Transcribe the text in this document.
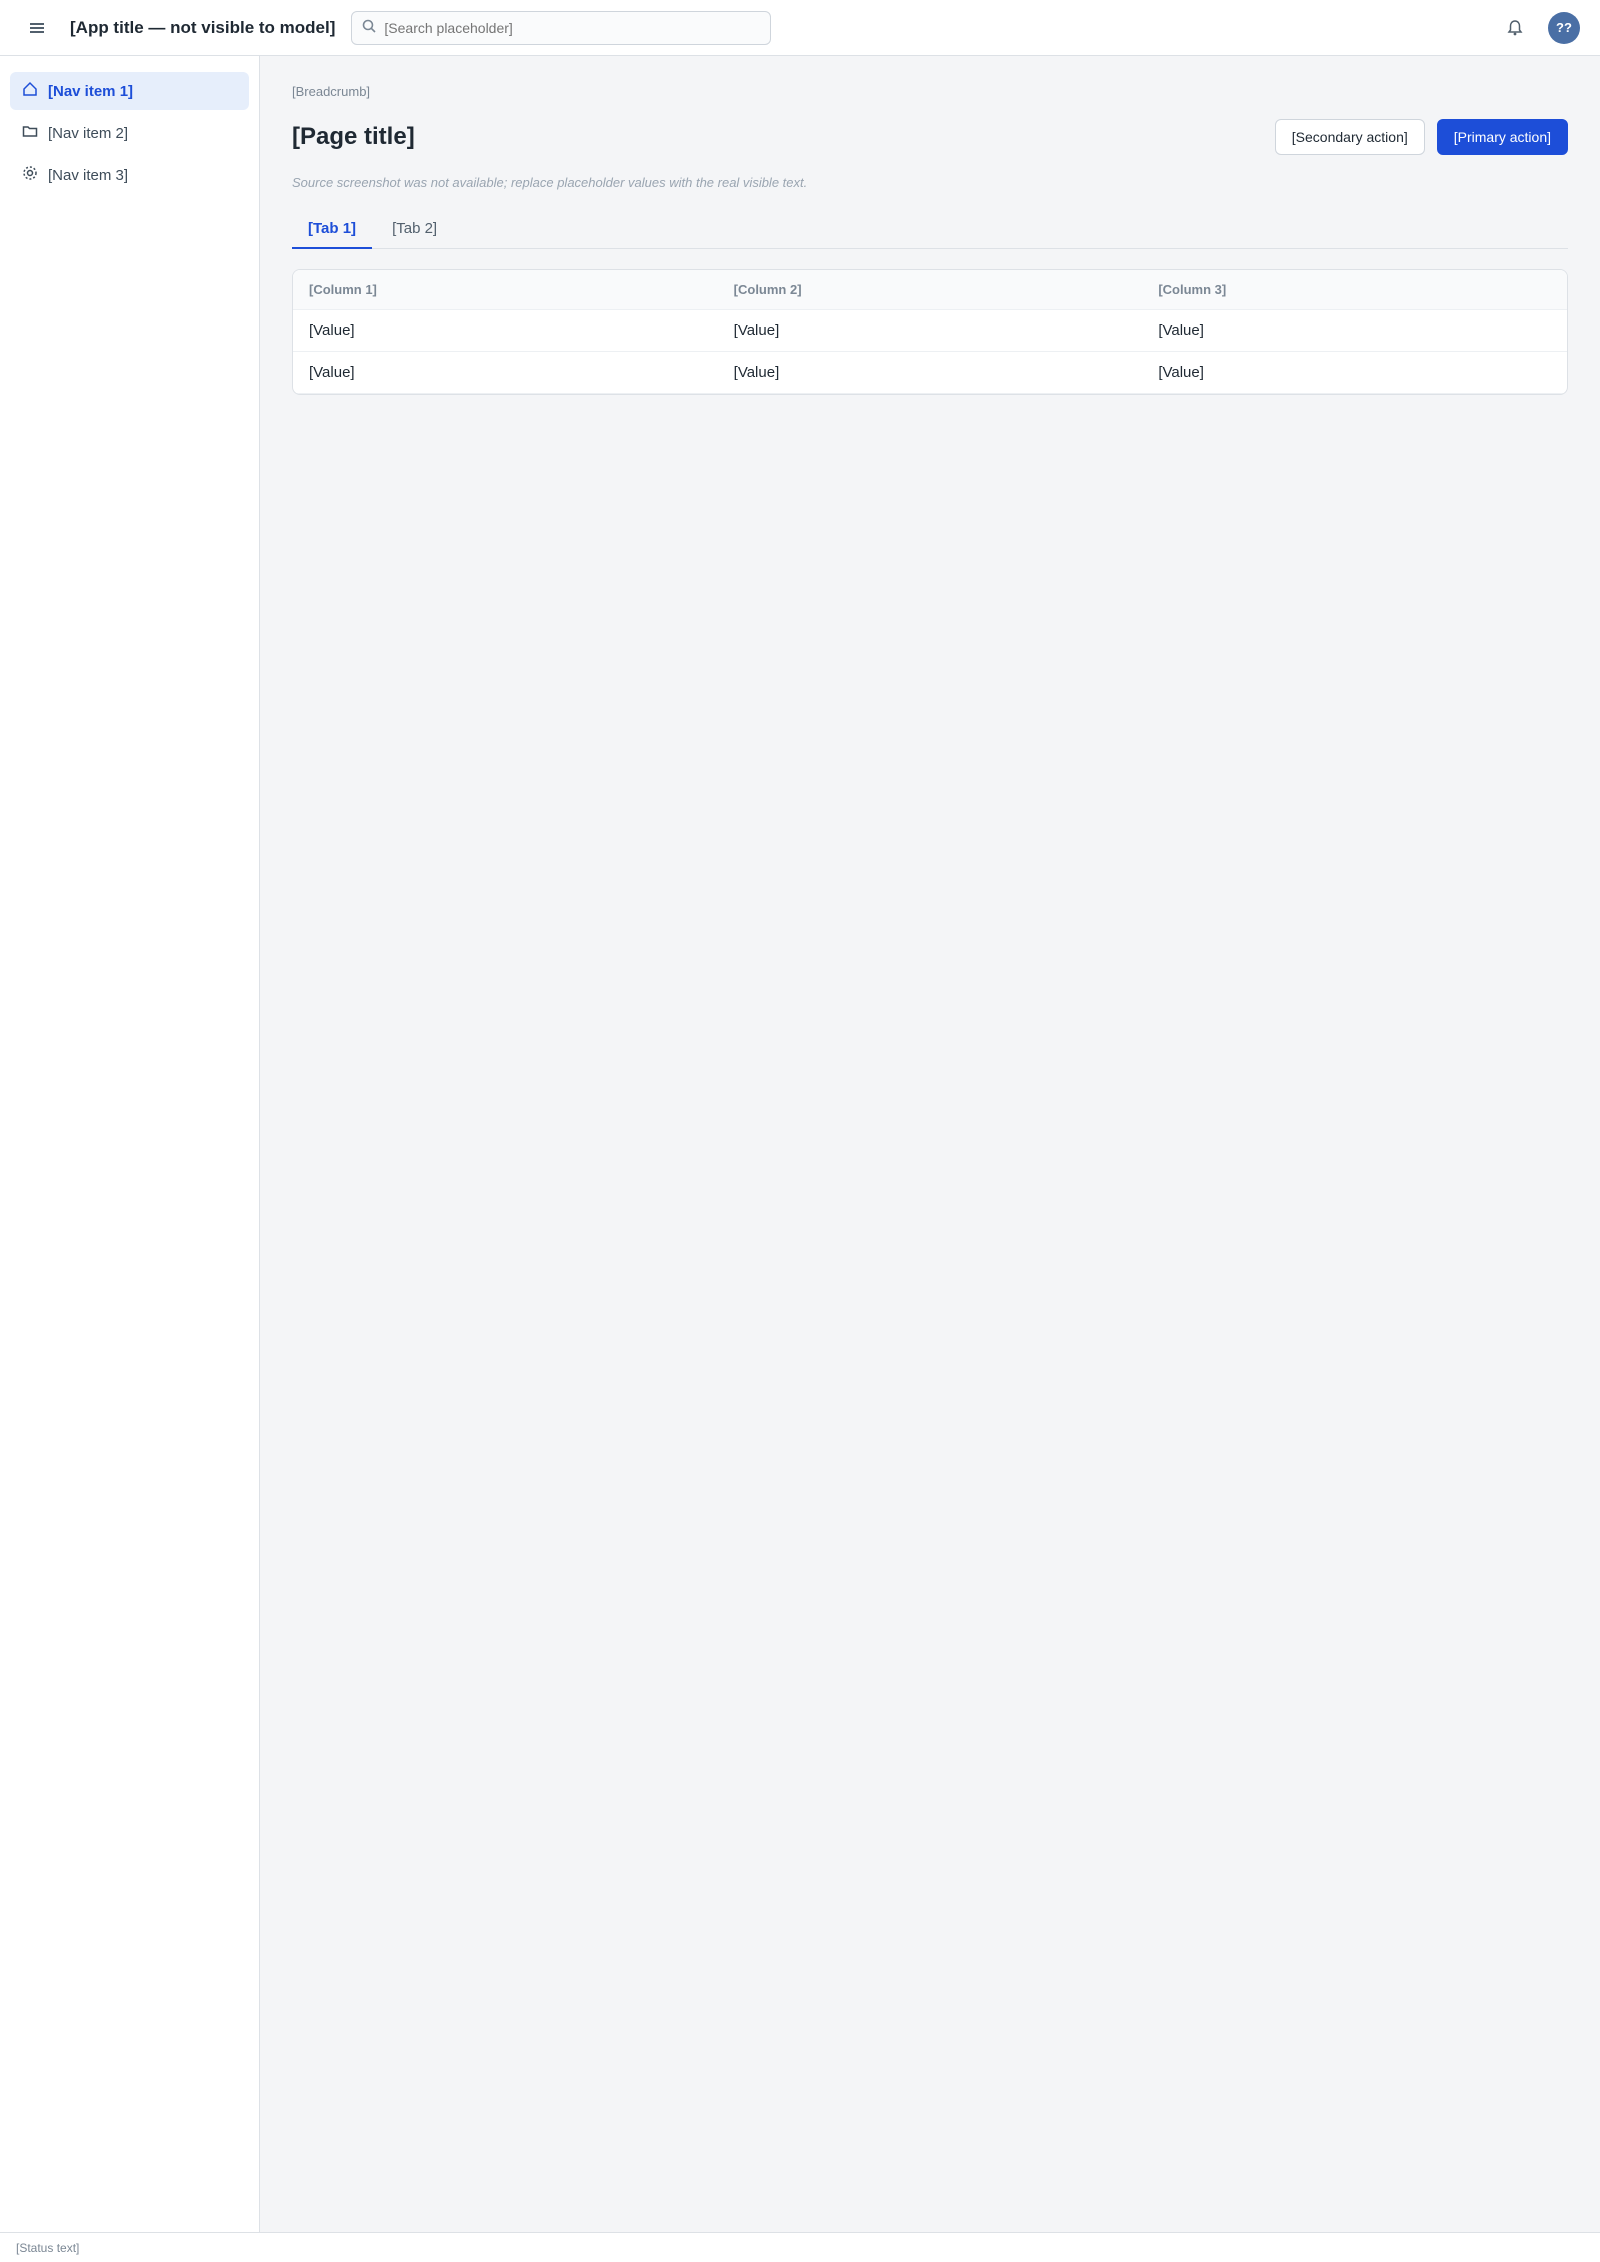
[App title — not visible to model]
[Search placeholder]	??
[Nav item 1]
[Nav item 2]
[Nav item 3]
[Breadcrumb]
[Page title]	[Secondary action]	[Primary action]

Source screenshot was not available; replace placeholder values with the real visible text.

[Tab 1]	[Tab 2]
[Column 1]	[Column 2]	[Column 3]
[Value]	[Value]	[Value]
[Value]	[Value]	[Value]
[Status text]
